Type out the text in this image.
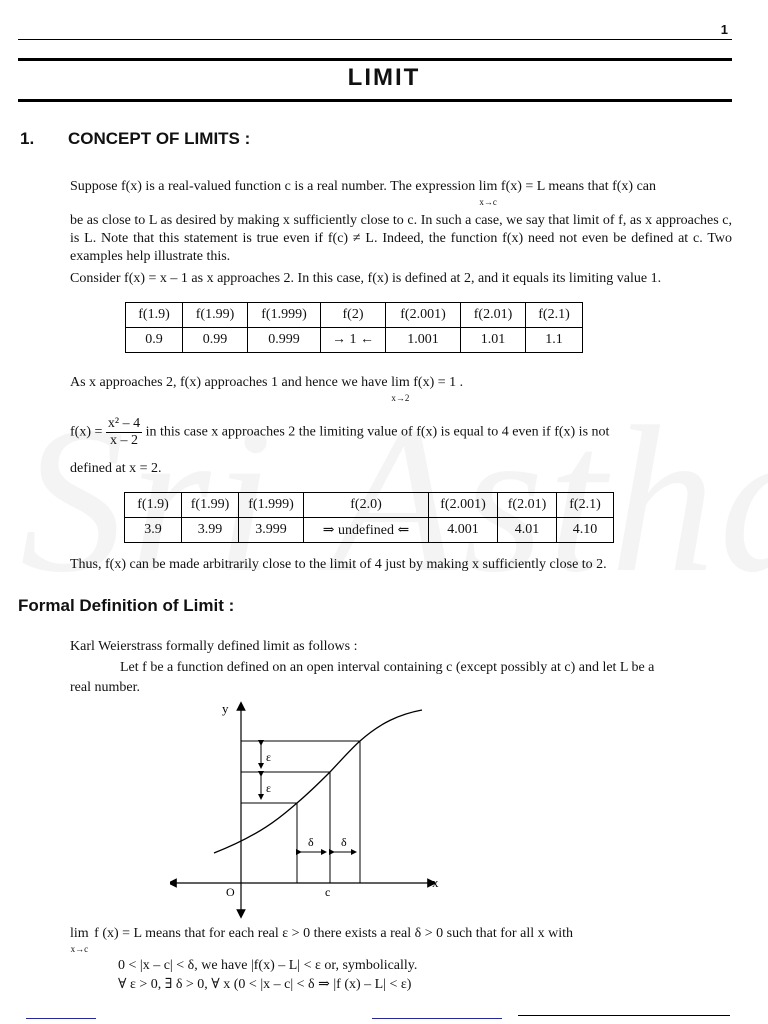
1
LIMIT
1. CONCEPT OF LIMITS :
Suppose f(x) is a real-valued function c is a real number. The expression lim
x→c
f(x) = L means that f(x) can
be as close to L as desired by making x sufficiently close to c. In such a case, we say that limit of f, as x approaches c, is L. Note that this statement is true even if f(c) ≠ L. Indeed, the function f(x) need not even be defined at c. Two examples help illustrate this.
Consider f(x) = x – 1 as x approaches 2. In this case, f(x) is defined at 2, and it equals its limiting value 1.
f(1.9)	f(1.99)	f(1.999)	f(2)	f(2.001)	f(2.01)	f(2.1)
0.9	0.99	0.999	→ 1 ←	1.001	1.01	1.1
As x approaches 2, f(x) approaches 1 and hence we have lim
x→2
f(x) = 1 .
$f(x) = \frac{\text{x² – 4}}{x - 2}$ in this case x approaches 2 the limiting value of f(x) is equal to 4 even if f(x) is not
defined at x = 2.
f(1.9)	f(1.99)	f(1.999)	f(2.0)	f(2.001)	f(2.01)	f(2.1)
3.9	3.99	3.999	⇒ undefined ⇐	4.001	4.01	4.10
Thus, f(x) can be made arbitrarily close to the limit of 4 just by making x sufficiently close to 2.
Formal Definition of Limit :
Karl Weierstrass formally defined limit as follows :
Let f be a function defined on an open interval containing c (except possibly at c) and let L be a
real number.
y
x
O	c
ε
ε
δ δ
lim
x→c
f (x) = L means that for each real ε > 0 there exists a real δ > 0 such that for all x with
0 < |x – c| < δ, we have |f(x) – L| < ε or, symbolically.
∀ ε > 0, ∃ δ > 0, ∀ x (0 < |x – c| < δ ⇒ |f (x) – L| < ε)
